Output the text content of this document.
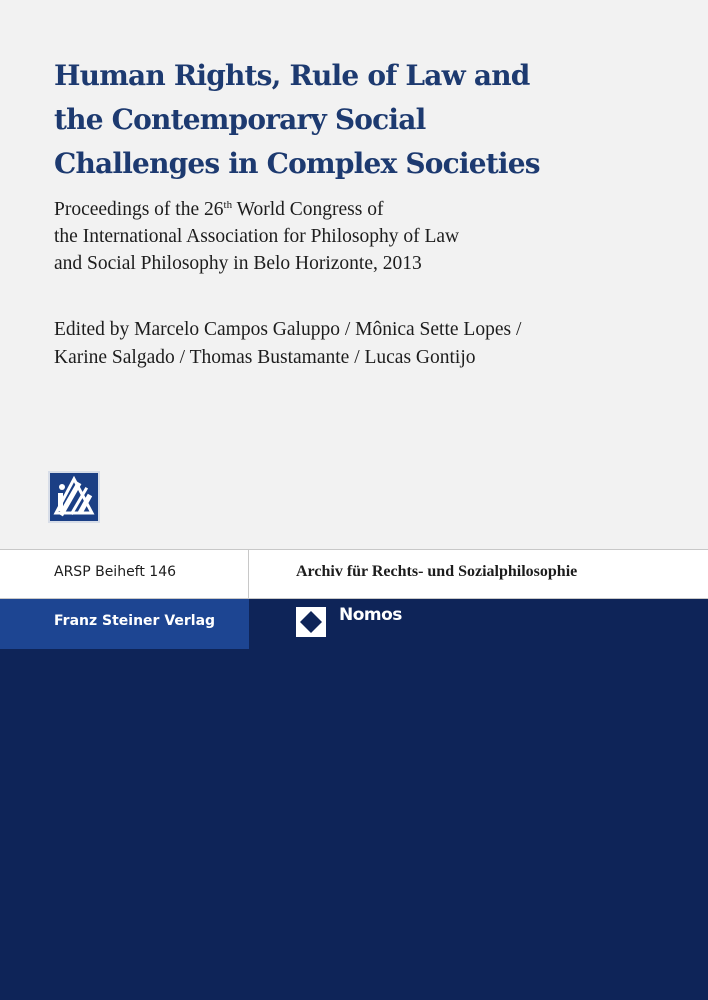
Human Rights, Rule of Law and
the Contemporary Social
Challenges in Complex Societies
Proceedings of the 26th World Congress of
the International Association for Philosophy of Law
and Social Philosophy in Belo Horizonte, 2013
Edited by Marcelo Campos Galuppo / Mônica Sette Lopes /
Karine Salgado / Thomas Bustamante / Lucas Gontijo
ARSP Beiheft 146	Archiv für Rechts- und Sozialphilosophie
Franz Steiner Verlag	Nomos
